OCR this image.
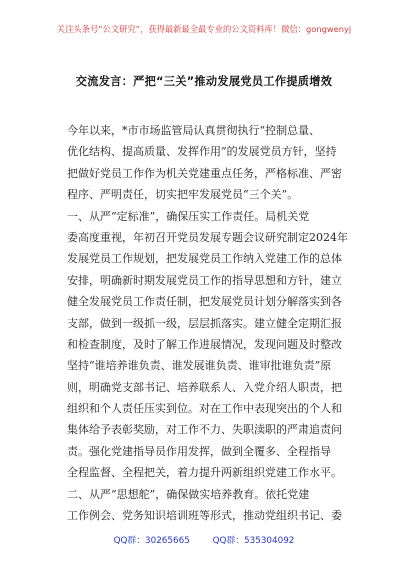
关注头条号“公文研究”，获得最新最全最专业的公文资料库！微信：gongwenyj
交流发言：严把“三关”推动发展党员工作提质增效
今年以来，*市市场监管局认真贯彻执行“控制总量、
优化结构、提高质量、发挥作用”的发展党员方针，坚持
把做好党员工作作为机关党建重点任务，严格标准、严密
程序、严明责任，切实把牢发展党员“三个关”。
一、从严“定标准”，确保压实工作责任。局机关党
委高度重视，年初召开党员发展专题会议研究制定2024年
发展党员工作规划，把发展党员工作纳入党建工作的总体
安排，明确新时期发展党员工作的指导思想和方针，建立
健全发展党员工作责任制，把发展党员计划分解落实到各
支部，做到一级抓一级，层层抓落实。建立健全定期汇报
和检查制度，及时了解工作进展情况，发现问题及时整改
坚持“谁培养谁负责、谁发展谁负责、谁审批谁负责”原
则，明确党支部书记、培养联系人、入党介绍人职责，把
组织和个人责任压实到位。对在工作中表现突出的个人和
集体给予表彰奖励，对工作不力、失职渎职的严肃追责问
责。强化党建指导员作用发挥，做到全覆多、全程指导
全程监督、全程把关，着力提升两新组织党建工作水平。
二、从严“思想舵”，确保做实培养教育。依托党建
工作例会、党务知识培训班等形式，推动党组织书记、委
QQ群：30265665	QQ群：535304092
